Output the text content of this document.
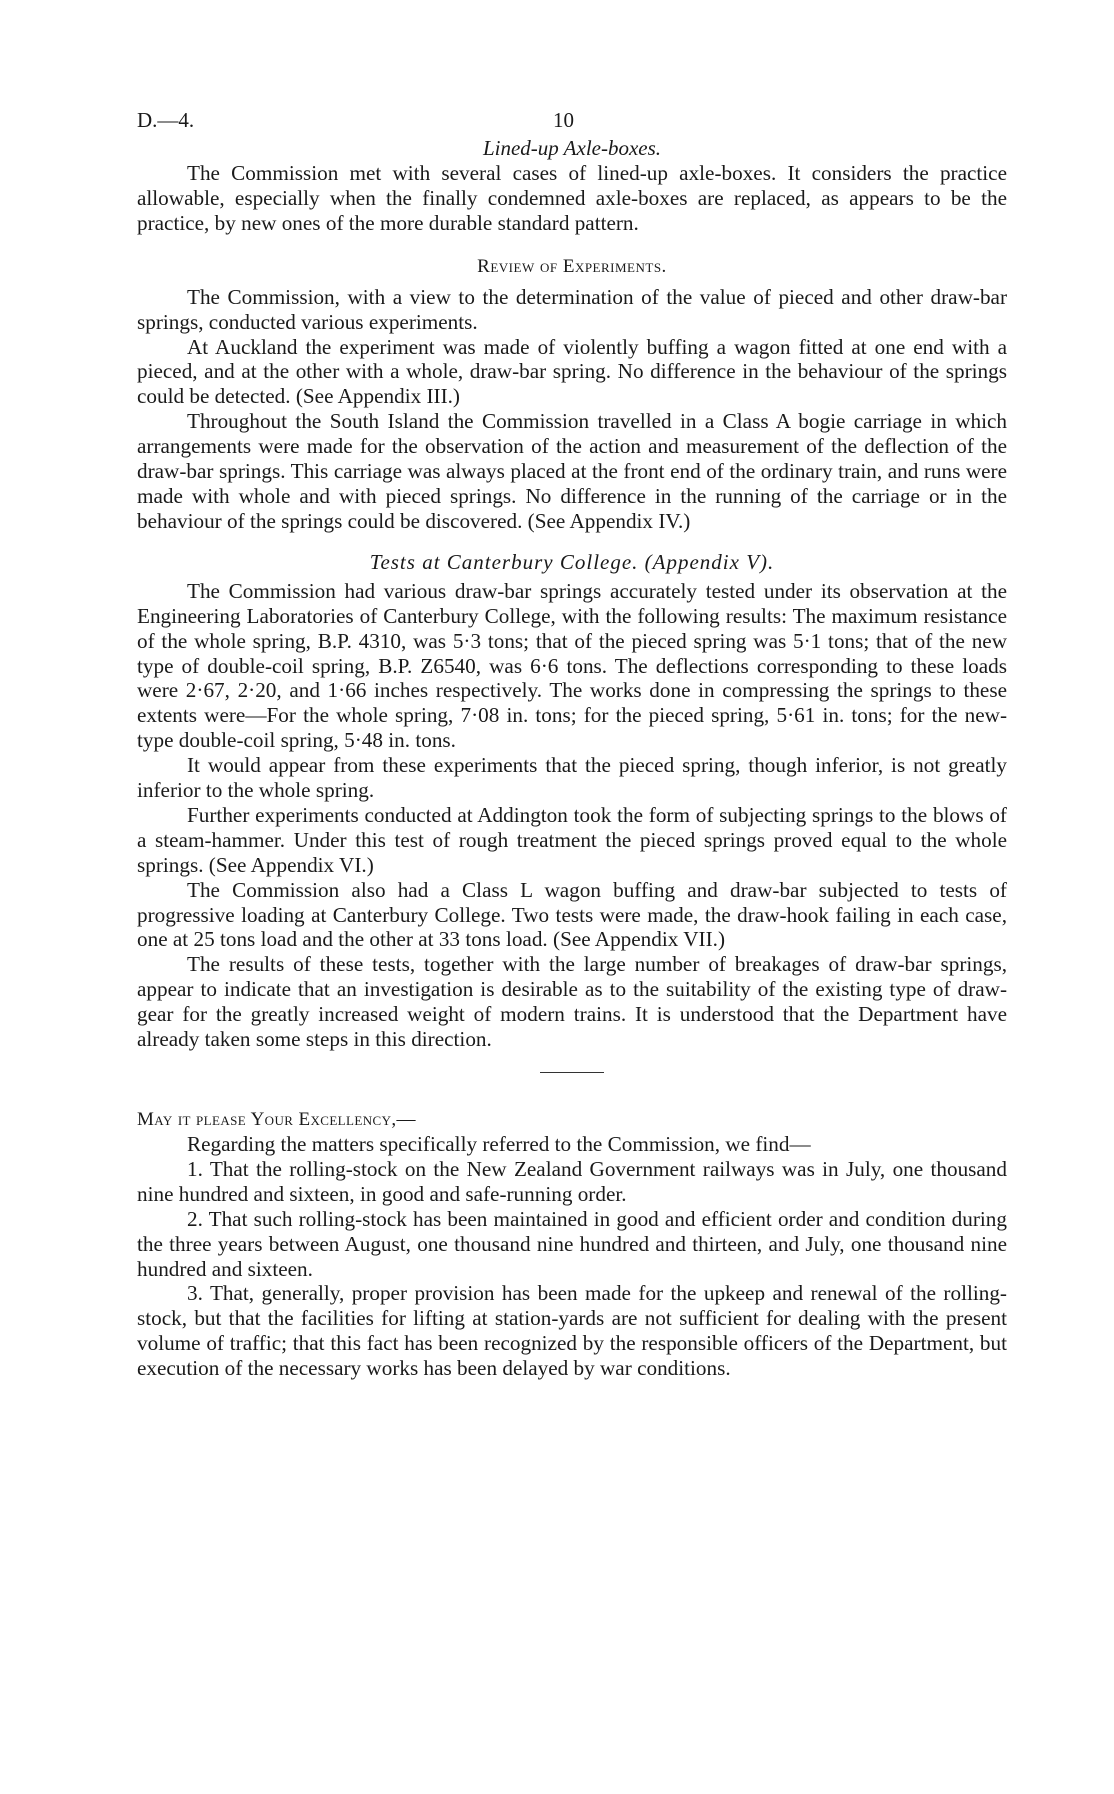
D.—4.	10
Lined-up Axle-boxes.

The Commission met with several cases of lined-up axle-boxes. It considers the practice allowable, especially when the finally condemned axle-boxes are replaced, as appears to be the practice, by new ones of the more durable standard pattern.

Review of Experiments.

The Commission, with a view to the determination of the value of pieced and other draw-bar springs, conducted various experiments.

At Auckland the experiment was made of violently buffing a wagon fitted at one end with a pieced, and at the other with a whole, draw-bar spring. No difference in the behaviour of the springs could be detected. (See Appendix III.)

Throughout the South Island the Commission travelled in a Class A bogie carriage in which arrangements were made for the observation of the action and measurement of the deflection of the draw-bar springs. This carriage was always placed at the front end of the ordinary train, and runs were made with whole and with pieced springs. No difference in the running of the carriage or in the behaviour of the springs could be discovered. (See Appendix IV.)

Tests at Canterbury College. (Appendix V).

The Commission had various draw-bar springs accurately tested under its observation at the Engineering Laboratories of Canterbury College, with the following results: The maximum resistance of the whole spring, B.P. 4310, was 5·3 tons; that of the pieced spring was 5·1 tons; that of the new type of double-coil spring, B.P. Z6540, was 6·6 tons. The deflections corresponding to these loads were 2·67, 2·20, and 1·66 inches respectively. The works done in compressing the springs to these extents were—For the whole spring, 7·08 in. tons; for the pieced spring, 5·61 in. tons; for the new-type double-coil spring, 5·48 in. tons.

It would appear from these experiments that the pieced spring, though inferior, is not greatly inferior to the whole spring.

Further experiments conducted at Addington took the form of subjecting springs to the blows of a steam-hammer. Under this test of rough treatment the pieced springs proved equal to the whole springs. (See Appendix VI.)

The Commission also had a Class L wagon buffing and draw-bar subjected to tests of progressive loading at Canterbury College. Two tests were made, the draw-hook failing in each case, one at 25 tons load and the other at 33 tons load. (See Appendix VII.)

The results of these tests, together with the large number of breakages of draw-bar springs, appear to indicate that an investigation is desirable as to the suitability of the existing type of draw-gear for the greatly increased weight of modern trains. It is understood that the Department have already taken some steps in this direction.

May it please Your Excellency,—

Regarding the matters specifically referred to the Commission, we find—

1. That the rolling-stock on the New Zealand Government railways was in July, one thousand nine hundred and sixteen, in good and safe-running order.

2. That such rolling-stock has been maintained in good and efficient order and condition during the three years between August, one thousand nine hundred and thirteen, and July, one thousand nine hundred and sixteen.

3. That, generally, proper provision has been made for the upkeep and renewal of the rolling-stock, but that the facilities for lifting at station-yards are not sufficient for dealing with the present volume of traffic; that this fact has been recognized by the responsible officers of the Department, but execution of the necessary works has been delayed by war conditions.
